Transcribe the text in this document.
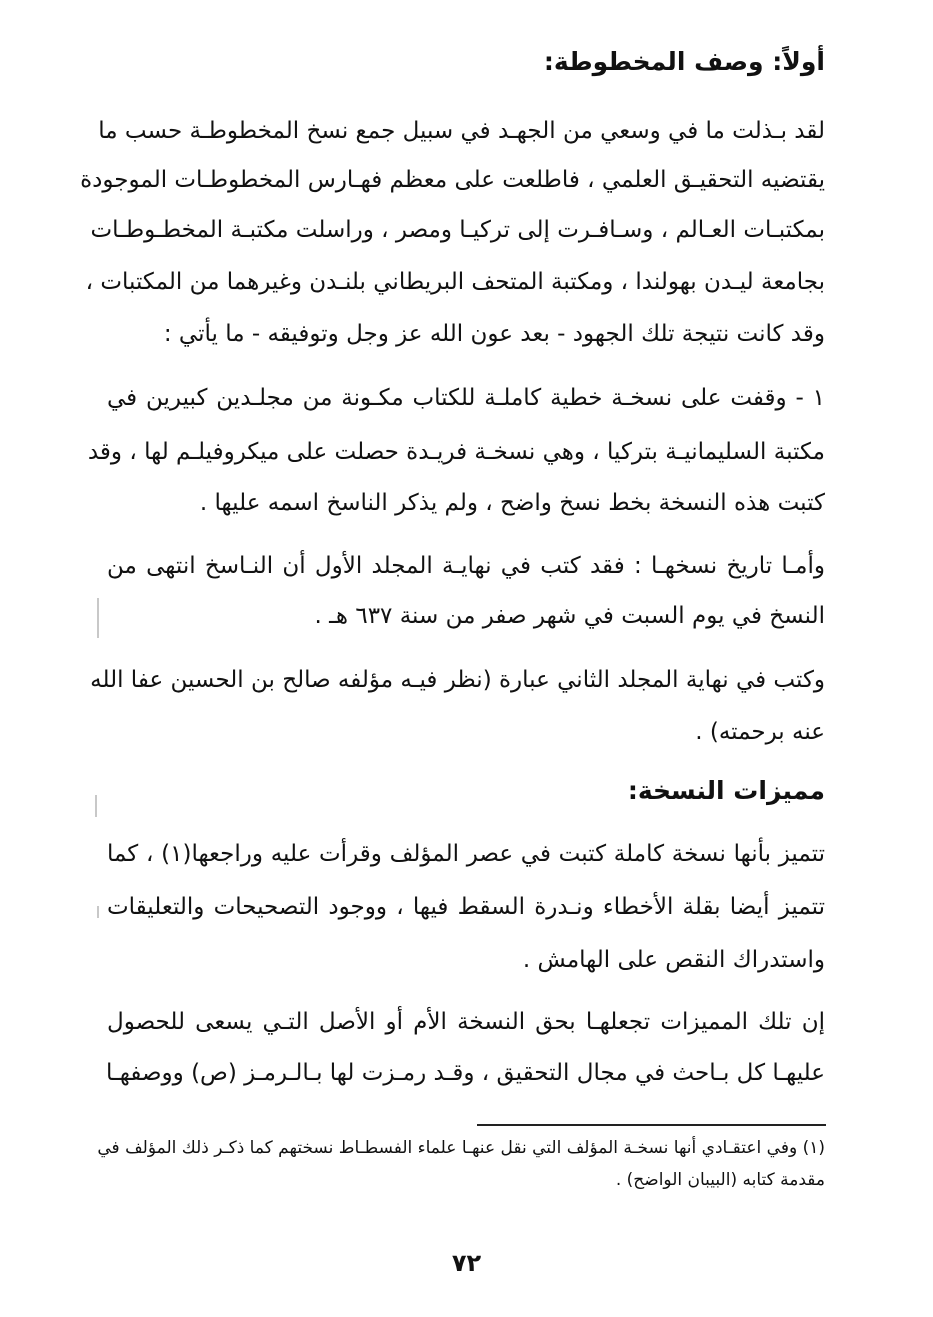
أولاً: وصف المخطوطة:
لقد بـذلت ما في وسعي من الجهـد في سبيل جمع نسخ المخطوطـة حسب ما
يقتضيه التحقيـق العلمي ، فاطلعت على معظم فهـارس المخطوطـات الموجودة
بمكتبـات العـالم ، وسـافـرت إلى تركيـا ومصر ، وراسلت مكتبـة المخطـوطـات
بجامعة ليـدن بهولندا ، ومكتبة المتحف البريطاني بلنـدن وغيرهما من المكتبات ،
وقد كانت نتيجة تلك الجهود - بعد عون الله عز وجل وتوفيقه - ما يأتي :
١ - وقفت على نسخـة خطية كاملـة للكتاب مكـونة من مجلـدين كبيرين في
مكتبة السليمانيـة بتركيا ، وهي نسخـة فريـدة حصلت على ميكروفيلـم لها ، وقد
كتبت هذه النسخة بخط نسخ واضح ، ولم يذكر الناسخ اسمه عليها .
وأمـا تاريخ نسخهـا : فقد كتب في نهايـة المجلد الأول أن النـاسخ انتهى من
النسخ في يوم السبت في شهر صفر من سنة ٦٣٧ هـ .
وكتب في نهاية المجلد الثاني عبارة (نظر فيـه مؤلفه صالح بن الحسين عفا الله
عنه برحمته) .
مميزات النسخة:
تتميز بأنها نسخة كاملة كتبت في عصر المؤلف وقرأت عليه وراجعها(١) ، كما
تتميز أيضا بقلة الأخطاء ونـدرة السقط فيها ، ووجود التصحيحات والتعليقات
واستدراك النقص على الهامش .
إن تلك المميزات تجعلهـا بحق النسخة الأم أو الأصل التـي يسعى للحصول
عليهـا كل بـاحث في مجال التحقيق ، وقـد رمـزت لها بـالـرمـز (ص) ووصفهـا
(١) وفي اعتقـادي أنها نسخـة المؤلف التي نقل عنهـا علماء الفسطـاط نسختهم كما ذكـر ذلك المؤلف في
مقدمة كتابه (البيبان الواضح) .
٧٢
